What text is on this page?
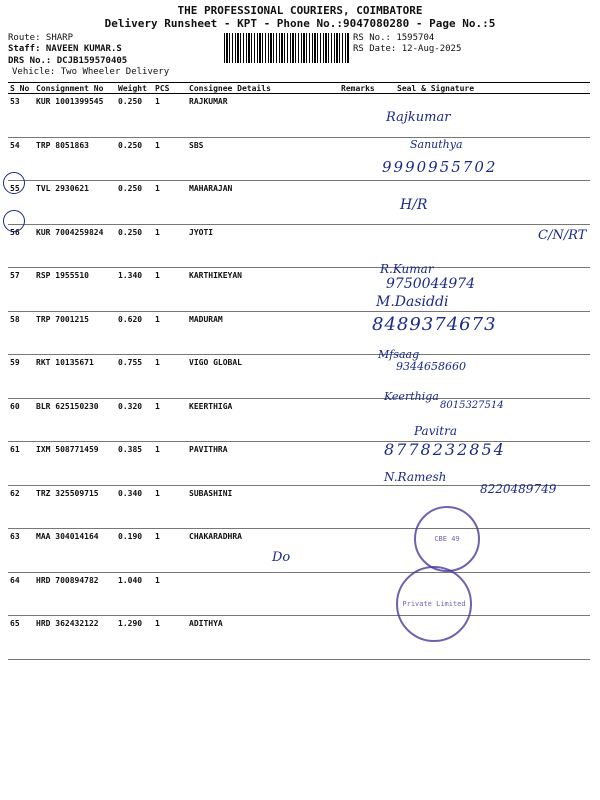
THE PROFESSIONAL COURIERS, COIMBATORE
Delivery Runsheet - KPT - Phone No.:9047080280 - Page No.:5
Route: SHARP
Staff: NAVEEN KUMAR.S
DRS No.: DCJB159570405
Vehicle: Two Wheeler Delivery
RS No.: 1595704
RS Date: 12-Aug-2025
S No	Consignment No	Weight	PCS	Consignee Details	Remarks	Seal & Signature
53	KUR 1001399545	0.250	1	RAJKUMAR		
54	TRP 8051863	0.250	1	SBS		
55	TVL 2930621	0.250	1	MAHARAJAN		
56	KUR 7004259824	0.250	1	JYOTI		
57	RSP 1955510	1.340	1	KARTHIKEYAN		
58	TRP 7001215	0.620	1	MADURAM		
59	RKT 10135671	0.755	1	VIGO GLOBAL		
60	BLR 625150230	0.320	1	KEERTHIGA		
61	IXM 508771459	0.385	1	PAVITHRA		
62	TRZ 325509715	0.340	1	SUBASHINI		
63	MAA 304014164	0.190	1	CHAKARADHRA		
64	HRD 700894782	1.040	1			
65	HRD 362432122	1.290	1	ADITHYA		
Rajkumar
Sanuthya
9990955702
H/R
C/N/RT
R.Kumar
9750044974
M.Dasiddi
8489374673
Mfsaag
9344658660
Keerthiga
8015327514
Pavitra
8778232854
N.Ramesh
8220489749
Do
CBE 49
Private Limited
